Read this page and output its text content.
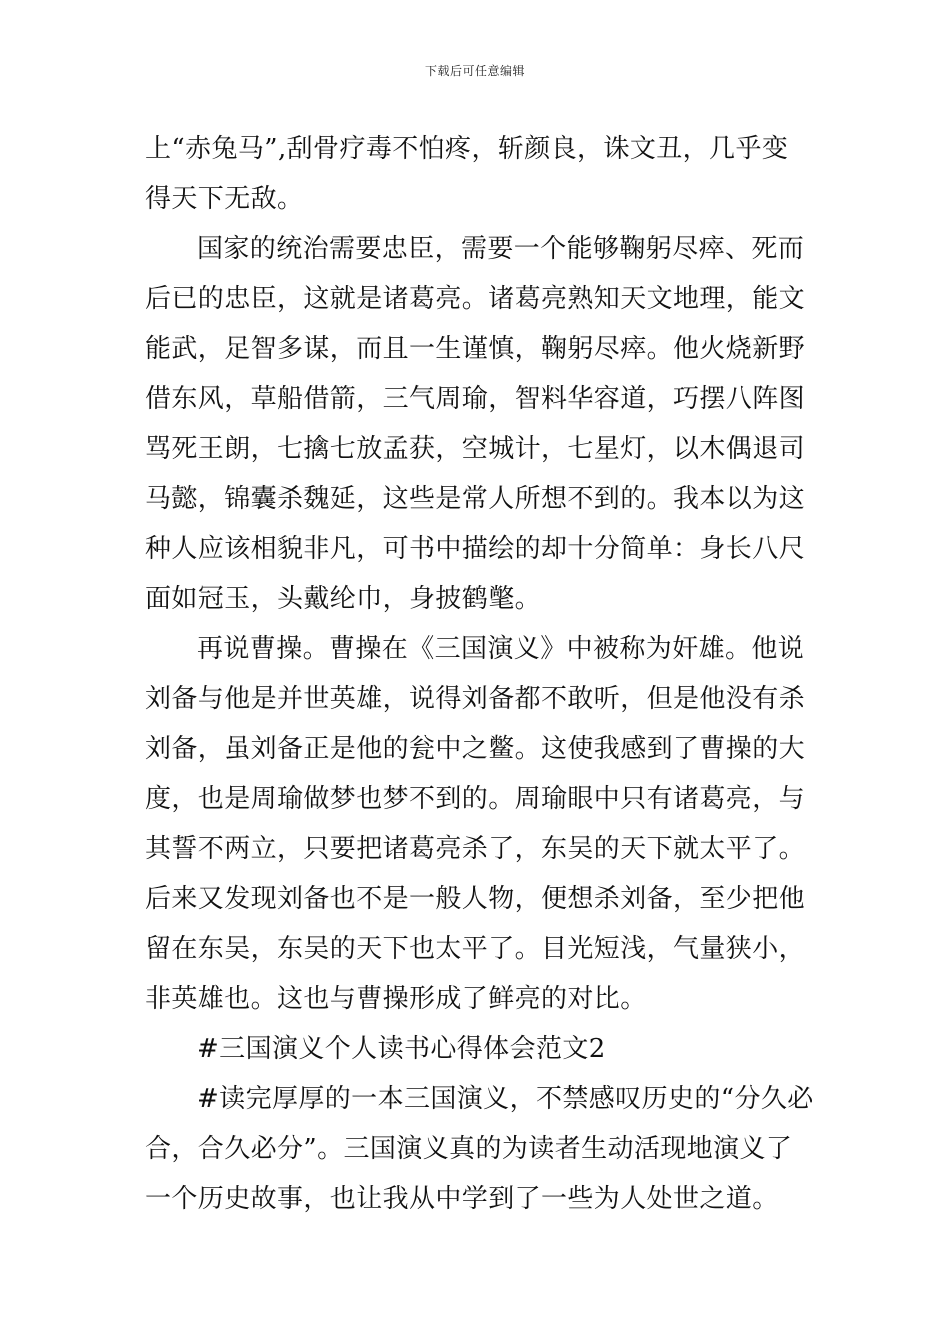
下载后可任意编辑
上“赤兔马”,刮骨疗毒不怕疼，斩颜良，诛文丑，几乎变
得天下无敌。
国家的统治需要忠臣，需要一个能够鞠躬尽瘁、死而
后已的忠臣，这就是诸葛亮。诸葛亮熟知天文地理，能文
能武，足智多谋，而且一生谨慎，鞠躬尽瘁。他火烧新野
借东风，草船借箭，三气周瑜，智料华容道，巧摆八阵图
骂死王朗，七擒七放孟获，空城计，七星灯，以木偶退司
马懿，锦囊杀魏延，这些是常人所想不到的。我本以为这
种人应该相貌非凡，可书中描绘的却十分简单：身长八尺
面如冠玉，头戴纶巾，身披鹤氅。
再说曹操。曹操在《三国演义》中被称为奸雄。他说
刘备与他是并世英雄，说得刘备都不敢听，但是他没有杀
刘备，虽刘备正是他的瓮中之鳖。这使我感到了曹操的大
度，也是周瑜做梦也梦不到的。周瑜眼中只有诸葛亮，与
其誓不两立，只要把诸葛亮杀了，东吴的天下就太平了。
后来又发现刘备也不是一般人物，便想杀刘备，至少把他
留在东吴，东吴的天下也太平了。目光短浅，气量狭小，
非英雄也。这也与曹操形成了鲜亮的对比。
#三国演义个人读书心得体会范文2
#读完厚厚的一本三国演义，不禁感叹历史的“分久必
合，合久必分”。三国演义真的为读者生动活现地演义了
一个历史故事，也让我从中学到了一些为人处世之道。
